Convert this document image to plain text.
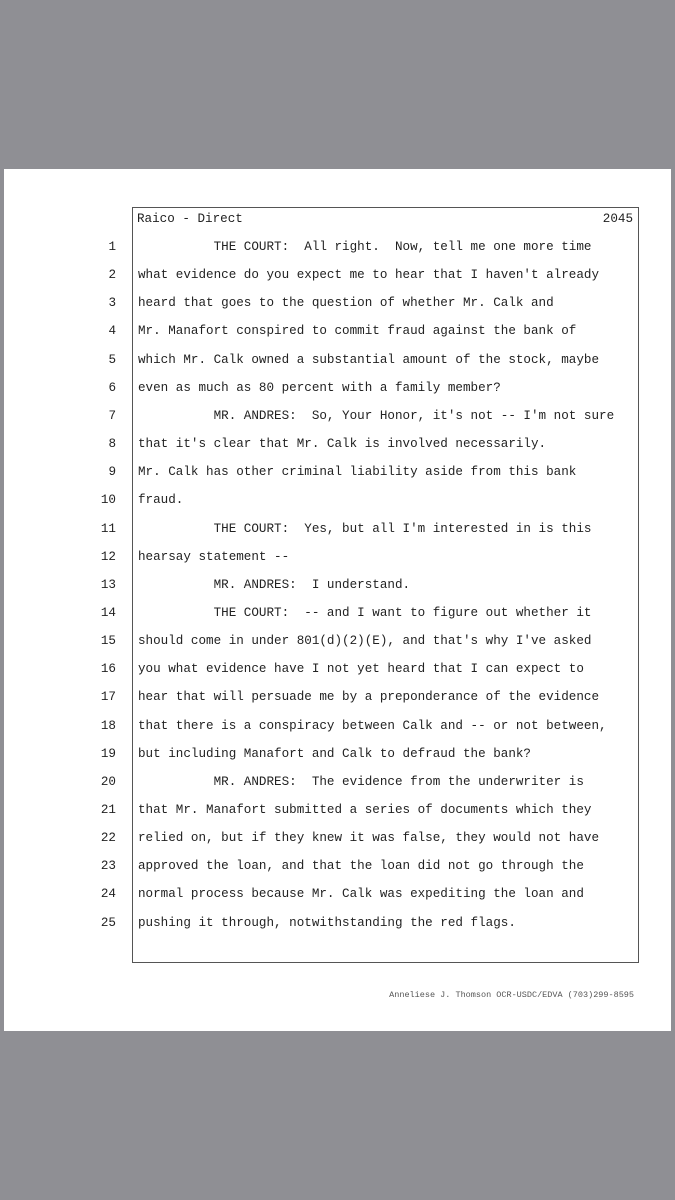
Raico - Direct	2045
1 THE COURT:  All right.  Now, tell me one more time
2 what evidence do you expect me to hear that I haven't already
3 heard that goes to the question of whether Mr. Calk and
4 Mr. Manafort conspired to commit fraud against the bank of
5 which Mr. Calk owned a substantial amount of the stock, maybe
6 even as much as 80 percent with a family member?
7 MR. ANDRES:  So, Your Honor, it's not -- I'm not sure
8 that it's clear that Mr. Calk is involved necessarily.
9 Mr. Calk has other criminal liability aside from this bank
10 fraud.
11 THE COURT:  Yes, but all I'm interested in is this
12 hearsay statement --
13 MR. ANDRES:  I understand.
14 THE COURT:  -- and I want to figure out whether it
15 should come in under 801(d)(2)(E), and that's why I've asked
16 you what evidence have I not yet heard that I can expect to
17 hear that will persuade me by a preponderance of the evidence
18 that there is a conspiracy between Calk and -- or not between,
19 but including Manafort and Calk to defraud the bank?
20 MR. ANDRES:  The evidence from the underwriter is
21 that Mr. Manafort submitted a series of documents which they
22 relied on, but if they knew it was false, they would not have
23 approved the loan, and that the loan did not go through the
24 normal process because Mr. Calk was expediting the loan and
25 pushing it through, notwithstanding the red flags.
Anneliese J. Thomson OCR-USDC/EDVA (703)299-8595
